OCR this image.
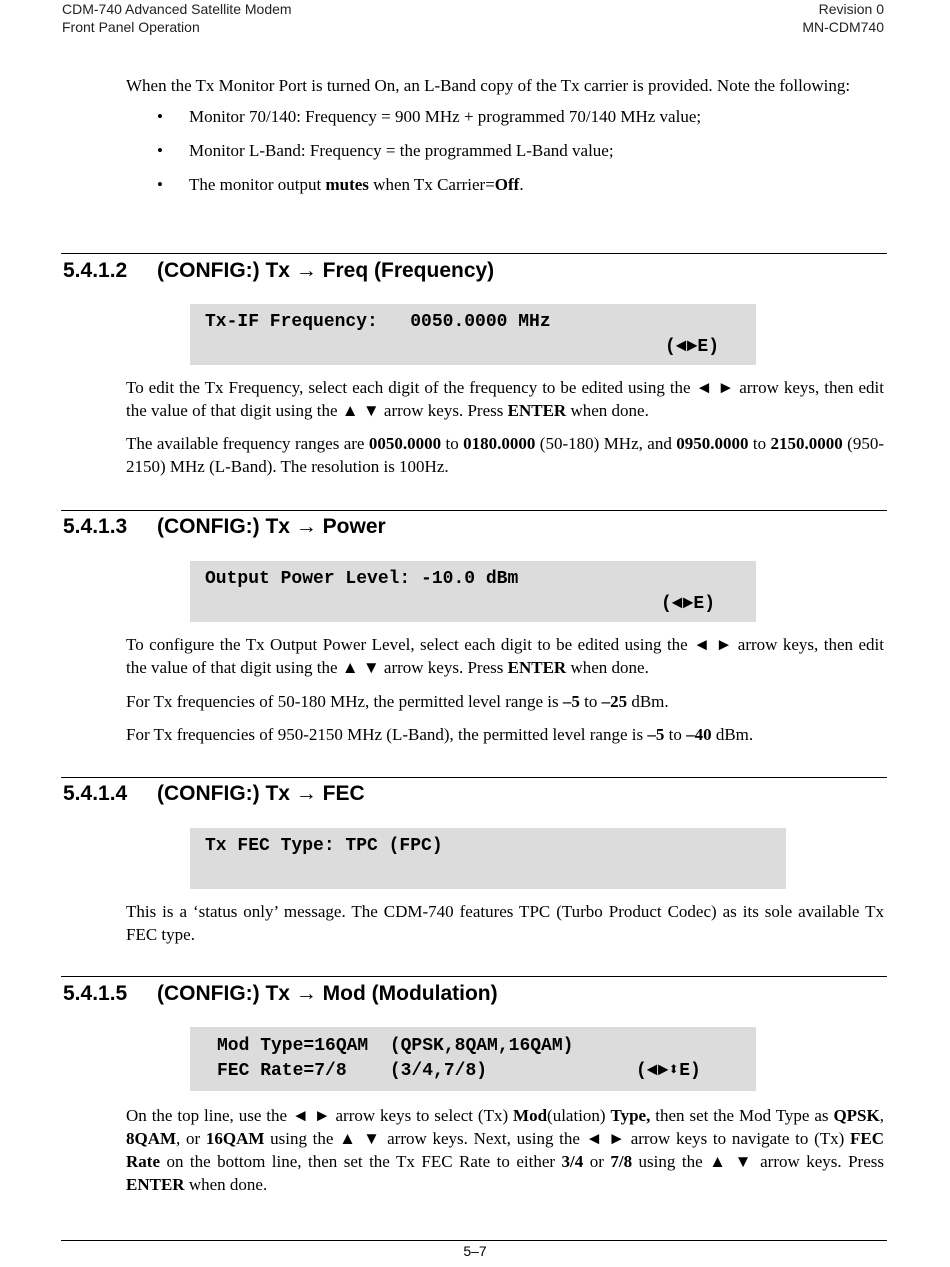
CDM-740 Advanced Satellite Modem
Front Panel Operation
Revision 0
MN-CDM740

When the Tx Monitor Port is turned On, an L-Band copy of the Tx carrier is provided. Note the following:

• Monitor 70/140: Frequency = 900 MHz + programmed 70/140 MHz value;
• Monitor L-Band: Frequency = the programmed L-Band value;
• The monitor output mutes when Tx Carrier=Off.
5.4.1.2 (CONFIG:) Tx → Freq (Frequency)
Tx-IF Frequency:   0050.0000 MHz
(◄►E)

To edit the Tx Frequency, select each digit of the frequency to be edited using the ◄ ► arrow keys, then edit the value of that digit using the ▲ ▼ arrow keys. Press ENTER when done.

The available frequency ranges are 0050.0000 to 0180.0000 (50-180) MHz, and 0950.0000 to 2150.0000 (950-2150) MHz (L-Band). The resolution is 100Hz.

5.4.1.3 (CONFIG:) Tx → Power
Output Power Level: -10.0 dBm
(◄►E)

To configure the Tx Output Power Level, select each digit to be edited using the ◄ ► arrow keys, then edit the value of that digit using the ▲ ▼ arrow keys. Press ENTER when done.

For Tx frequencies of 50-180 MHz, the permitted level range is –5 to –25 dBm.

For Tx frequencies of 950-2150 MHz (L-Band), the permitted level range is –5 to –40 dBm.

5.4.1.4 (CONFIG:) Tx → FEC
Tx FEC Type: TPC (FPC)

This is a ‘status only’ message. The CDM-740 features TPC (Turbo Product Codec) as its sole available Tx FEC type.

5.4.1.5 (CONFIG:) Tx → Mod (Modulation)
Mod Type=16QAM  (QPSK,8QAM,16QAM)
FEC Rate=7/8    (3/4,7/8)	(◄►⬍E)

On the top line, use the ◄ ► arrow keys to select (Tx) Mod(ulation) Type, then set the Mod Type as QPSK, 8QAM, or 16QAM using the ▲ ▼ arrow keys. Next, using the ◄ ► arrow keys to navigate to (Tx) FEC Rate on the bottom line, then set the Tx FEC Rate to either 3/4 or 7/8 using the ▲ ▼ arrow keys. Press ENTER when done.

5–7
